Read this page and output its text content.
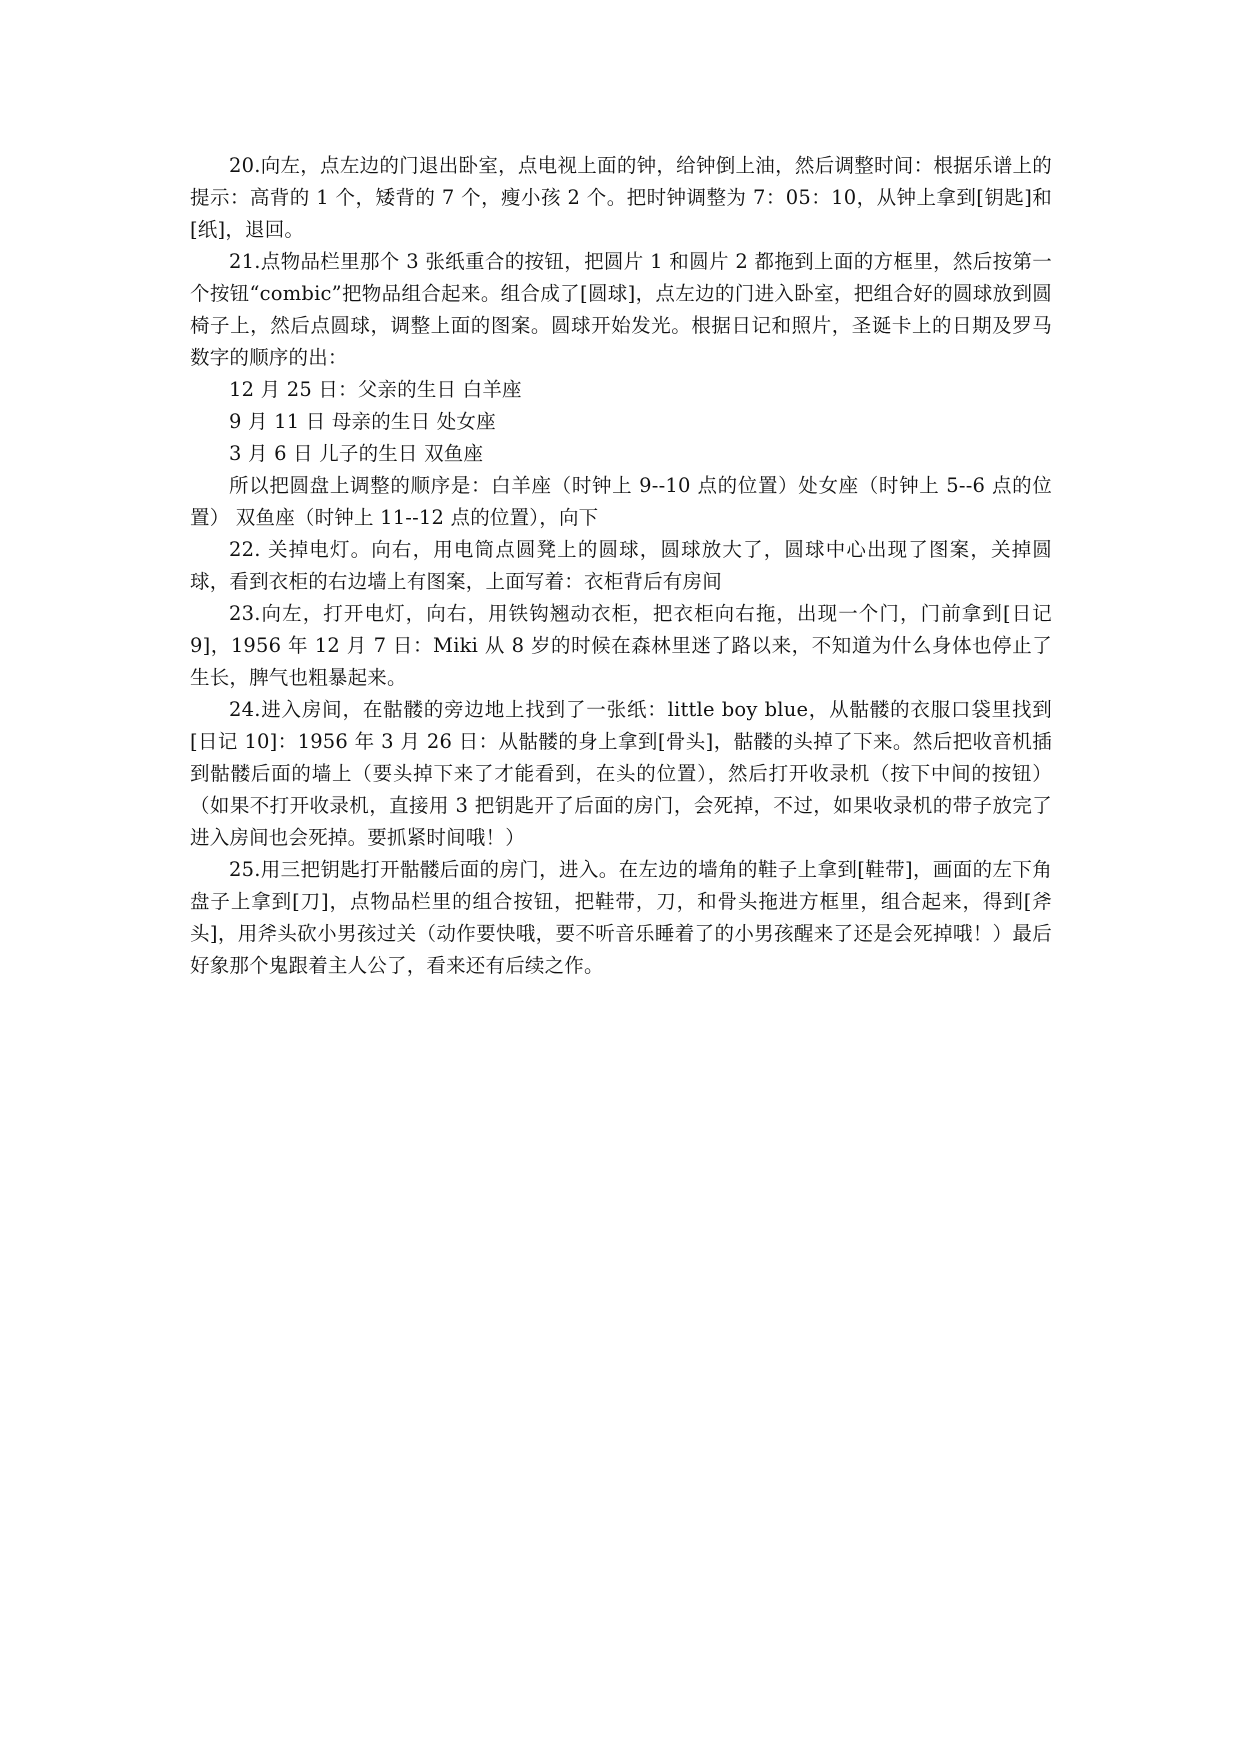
20.向左，点左边的门退出卧室，点电视上面的钟，给钟倒上油，然后调整时间：根据乐谱上的提示：高背的 1 个，矮背的 7 个，瘦小孩 2 个。把时钟调整为 7：05：10，从钟上拿到[钥匙]和[纸]，退回。

21.点物品栏里那个 3 张纸重合的按钮，把圆片 1 和圆片 2 都拖到上面的方框里，然后按第一个按钮“combic”把物品组合起来。组合成了[圆球]，点左边的门进入卧室，把组合好的圆球放到圆椅子上，然后点圆球，调整上面的图案。圆球开始发光。根据日记和照片，圣诞卡上的日期及罗马数字的顺序的出：

12 月 25 日：父亲的生日 白羊座

9 月 11 日 母亲的生日 处女座

3 月 6 日 儿子的生日 双鱼座

所以把圆盘上调整的顺序是：白羊座（时钟上 9--10 点的位置）处女座（时钟上 5--6 点的位置） 双鱼座（时钟上 11--12 点的位置），向下

22. 关掉电灯。向右，用电筒点圆凳上的圆球，圆球放大了，圆球中心出现了图案，关掉圆球，看到衣柜的右边墙上有图案，上面写着：衣柜背后有房间

23.向左，打开电灯，向右，用铁钩翘动衣柜，把衣柜向右拖，出现一个门，门前拿到[日记 9]，1956 年 12 月 7 日：Miki 从 8 岁的时候在森林里迷了路以来，不知道为什么身体也停止了生长，脾气也粗暴起来。

24.进入房间，在骷髅的旁边地上找到了一张纸：little boy blue，从骷髅的衣服口袋里找到[日记 10]：1956 年 3 月 26 日：从骷髅的身上拿到[骨头]，骷髅的头掉了下来。然后把收音机插到骷髅后面的墙上（要头掉下来了才能看到，在头的位置），然后打开收录机（按下中间的按钮）（如果不打开收录机，直接用 3 把钥匙开了后面的房门，会死掉，不过，如果收录机的带子放完了进入房间也会死掉。要抓紧时间哦！）

25.用三把钥匙打开骷髅后面的房门，进入。在左边的墙角的鞋子上拿到[鞋带]，画面的左下角盘子上拿到[刀]，点物品栏里的组合按钮，把鞋带，刀，和骨头拖进方框里，组合起来，得到[斧头]，用斧头砍小男孩过关（动作要快哦，要不听音乐睡着了的小男孩醒来了还是会死掉哦！）最后好象那个鬼跟着主人公了，看来还有后续之作。
